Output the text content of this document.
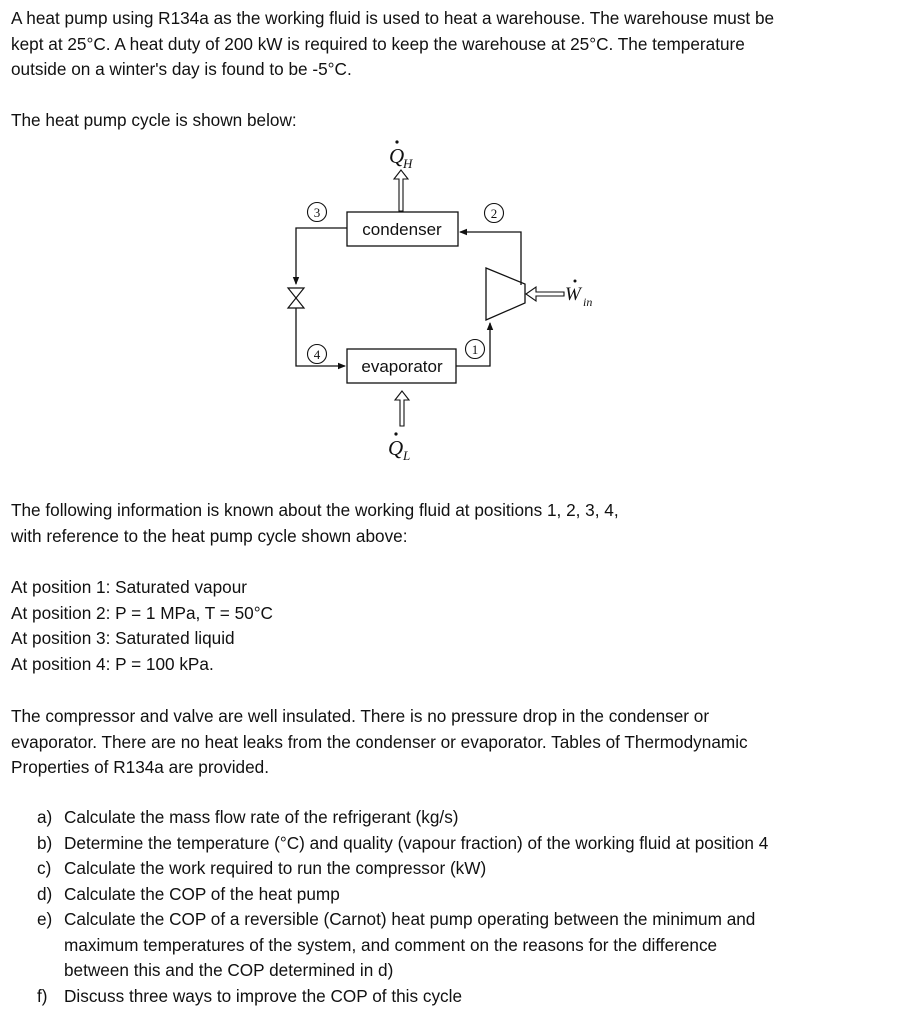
A heat pump using R134a as the working fluid is used to heat a warehouse. The warehouse must be
kept at 25°C. A heat duty of 200 kW is required to keep the warehouse at 25°C. The temperature
outside on a winter's day is found to be -5°C.

The heat pump cycle is shown below:

Q
H
condenser
evaporator
W in
Q L
1
2
3
4

The following information is known about the working fluid at positions 1, 2, 3, 4,
with reference to the heat pump cycle shown above:

At position 1: Saturated vapour
At position 2: P = 1 MPa, T = 50°C
At position 3: Saturated liquid
At position 4: P = 100 kPa.

The compressor and valve are well insulated. There is no pressure drop in the condenser or
evaporator. There are no heat leaks from the condenser or evaporator. Tables of Thermodynamic
Properties of R134a are provided.

a) Calculate the mass flow rate of the refrigerant (kg/s)
b) Determine the temperature (°C) and quality (vapour fraction) of the working fluid at position 4
c) Calculate the work required to run the compressor (kW)
d) Calculate the COP of the heat pump
e) Calculate the COP of a reversible (Carnot) heat pump operating between the minimum and
maximum temperatures of the system, and comment on the reasons for the difference
between this and the COP determined in d)
f) Discuss three ways to improve the COP of this cycle
